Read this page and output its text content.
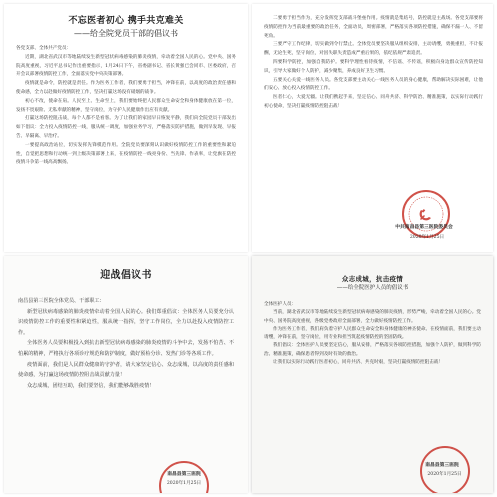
不忘医者初心 携手共克难关
——给全院党员干部的倡议书

各党支部、全体共产党员：

近期，湖北省武汉市等地陆续发生新型冠状病毒感染的肺炎疫情，牵动着全国人民的心。党中央、国务院高度重视，习近平总书记作出重要指示，1月24日下午，省委副书记、省长黄强已会同市、区委政府，召开会议部署疫情防控工作，全面落实党中央决策部署。

疫情就是命令，防控就是责任。作为医务工作者，我们要勇于担当，冲锋在前，以高度的政治责任感和使命感，全力以赴做好疫情防控工作，坚决打赢这场没有硝烟的战争。

初心不改，使命在肩。人民至上、生命至上，我们要始终把人民群众生命安全和身体健康放在第一位，发扬不畏艰险、无私奉献的精神，坚守岗位，为守护人民健康作出应有贡献。

打赢这场防控阻击战，每个人都不是看客。为了让我们的家园早日恢复平静，我们向全院党员干部发出如下倡议：全力投入疫情防控一线，服从统一调度，加强业务学习，严格落实防护措施，做到早发现、早报告、早隔离、早治疗。

一要提高政治站位，切实发挥先锋模范作用。全院党员要深刻认识做好疫情防控工作的重要性和紧迫性，自觉把思想和行动统一到上级决策部署上来，在疫情防控一线亮身份、当先锋、作表率，让党旗在防控疫情斗争第一线高高飘扬。

二要勇于担当作为，充分发挥党支部战斗堡垒作用。疫情就是集结号，防控就是主战场。各党支部要将疫情防控作为当前最重要的政治任务，全面动员，周密部署，严格落实各项防控措施，确保不漏一人、不留死角。

三要严守工作纪律，切实做到令行禁止。全体党员要坚决服从组织安排，主动请缨，勇挑重担，不计报酬，无论生死，坚守岗位，对因失职失责造成严重后果的，依纪依规严肃追责。

四要科学防控，加强自我防护。要科学理性看待疫情，不信谣、不传谣，积极向身边群众宣传防控知识，引导大家做好个人防护，减少聚集，养成良好卫生习惯。

五要关心关爱一线医务人员。各党支部要主动关心一线医务人员的身心健康，帮助解决实际困难，让他们安心、放心投入疫情防控工作。

医者仁心，大爱无疆。让我们携起手来，坚定信心、同舟共济、科学防治、精准施策，以实际行动践行初心使命，坚决打赢疫情防控阻击战！

中共南昌县第三医院委员会
2020年1月25日
迎战倡议书

南昌县第三医院全体党员、干部职工：

新型冠状病毒感染的肺炎疫情牵动着全国人民的心。我们郑重倡议：全体医务人员要充分认识疫情防控工作的重要性和紧迫性，服从统一指挥，坚守工作岗位，全力以赴投入疫情防控工作。

全体医务人员要积极投入到抗击新型冠状病毒感染的肺炎疫情的斗争中去，发扬不怕苦、不怕累的精神，严格执行各项诊疗规范和防护制度，做好预检分诊、发热门诊等各项工作。

疫情面前，我们是人民群众健康的守护者，请大家坚定信心、众志成城，以高度的责任感和使命感，为打赢这场疫情防控阻击战贡献力量！

众志成城，团结互助，我们要坚信，我们能够战胜疫情！

南昌县第三医院
2020年1月25日
众志成城，抗击疫情
——给全院医护人员的倡议书

全体医护人员：

当前，湖北省武汉市等地陆续发生新型冠状病毒感染的肺炎疫情，形势严峻，牵动着全国人民的心。党中央、国务院高度重视，各级党委政府全面部署，全力做好疫情防控工作。

作为医务工作者，我们肩负着守护人民群众生命安全和身体健康的神圣使命。在疫情面前，我们要主动请缨，冲锋在前，坚守岗位，用专业和担当筑起疫情防控的坚固防线。

我们倡议：全体医护人员要坚定信心，服从安排，严格落实各项防控措施，加强个人防护，做到科学防治、精准施策，确保患者得到及时有效的救治。

让我们以实际行动践行医者初心，同舟共济、共克时艰，坚决打赢疫情防控阻击战！

南昌县第三医院
2020年1月25日
